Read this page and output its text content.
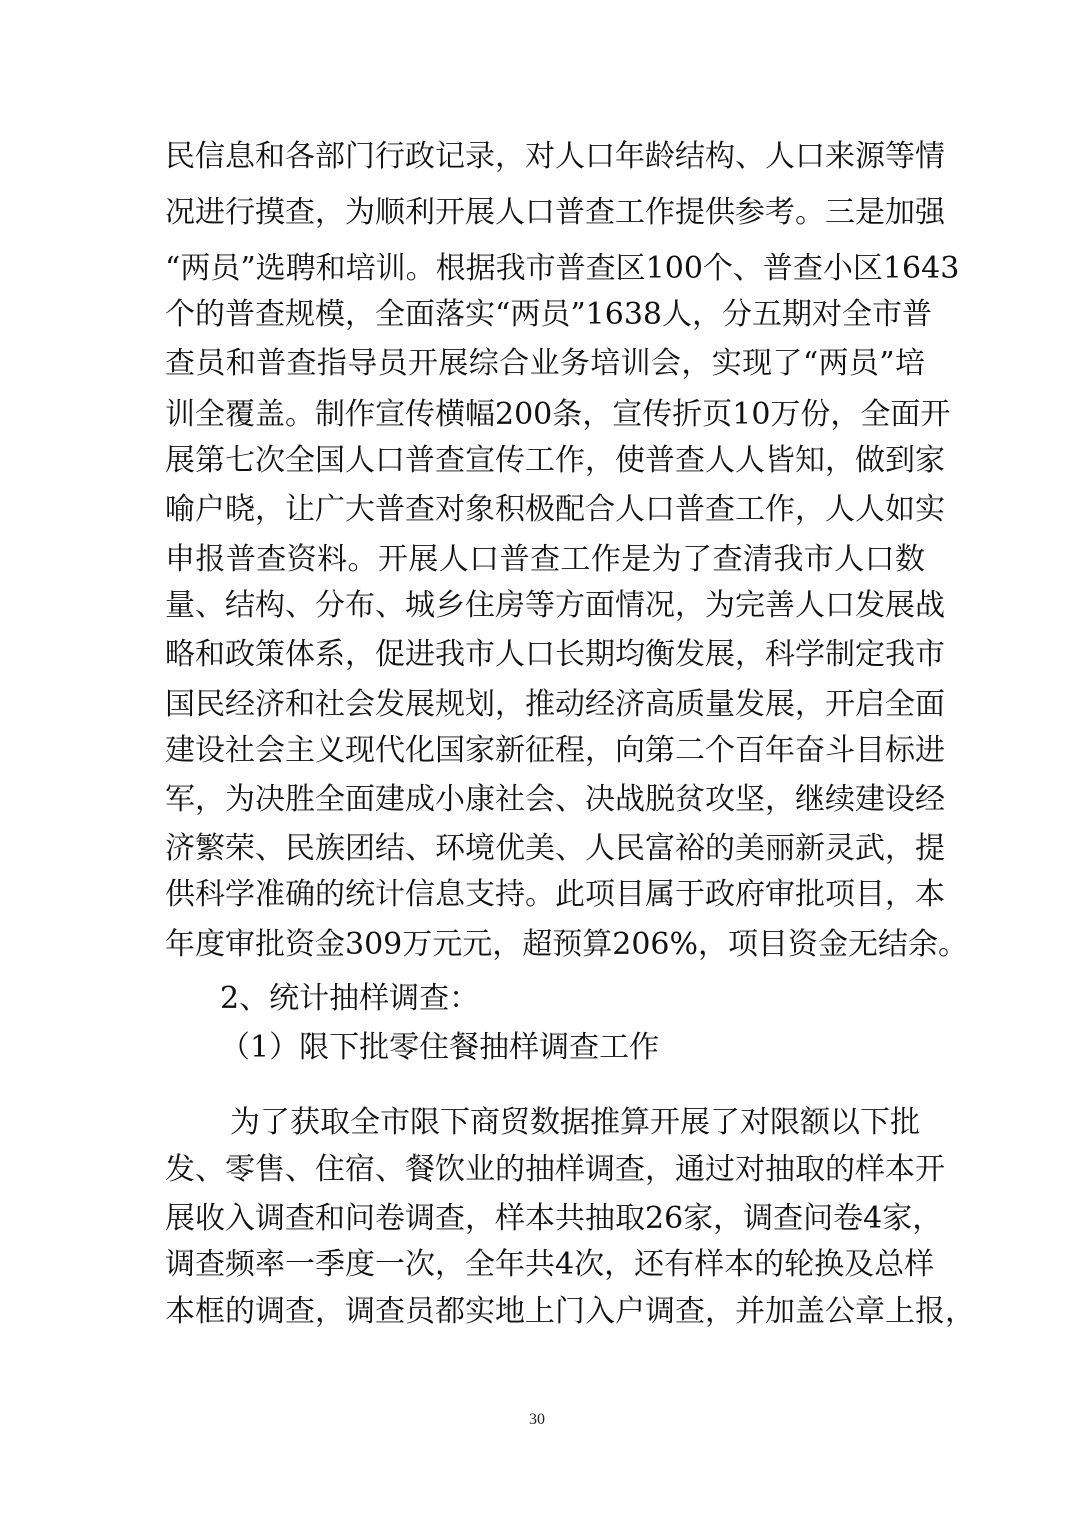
民信息和各部门行政记录，对人口年龄结构、人口来源等情
况进行摸查，为顺利开展人口普查工作提供参考。三是加强
“两员”选聘和培训。根据我市普查区100个、普查小区1643
个的普查规模，全面落实“两员”1638人，分五期对全市普
查员和普查指导员开展综合业务培训会，实现了“两员”培
训全覆盖。制作宣传横幅200条，宣传折页10万份，全面开
展第七次全国人口普查宣传工作，使普查人人皆知，做到家
喻户晓，让广大普查对象积极配合人口普查工作，人人如实
申报普查资料。开展人口普查工作是为了查清我市人口数
量、结构、分布、城乡住房等方面情况，为完善人口发展战
略和政策体系，促进我市人口长期均衡发展，科学制定我市
国民经济和社会发展规划，推动经济高质量发展，开启全面
建设社会主义现代化国家新征程，向第二个百年奋斗目标进
军，为决胜全面建成小康社会、决战脱贫攻坚，继续建设经
济繁荣、民族团结、环境优美、人民富裕的美丽新灵武，提
供科学准确的统计信息支持。此项目属于政府审批项目，本
年度审批资金309万元元，超预算206%，项目资金无结余。
2、统计抽样调查：
（1）限下批零住餐抽样调查工作
为了获取全市限下商贸数据推算开展了对限额以下批
发、零售、住宿、餐饮业的抽样调查，通过对抽取的样本开
展收入调查和问卷调查，样本共抽取26家，调查问卷4家，
调查频率一季度一次，全年共4次，还有样本的轮换及总样
本框的调查，调查员都实地上门入户调查，并加盖公章上报，
30
